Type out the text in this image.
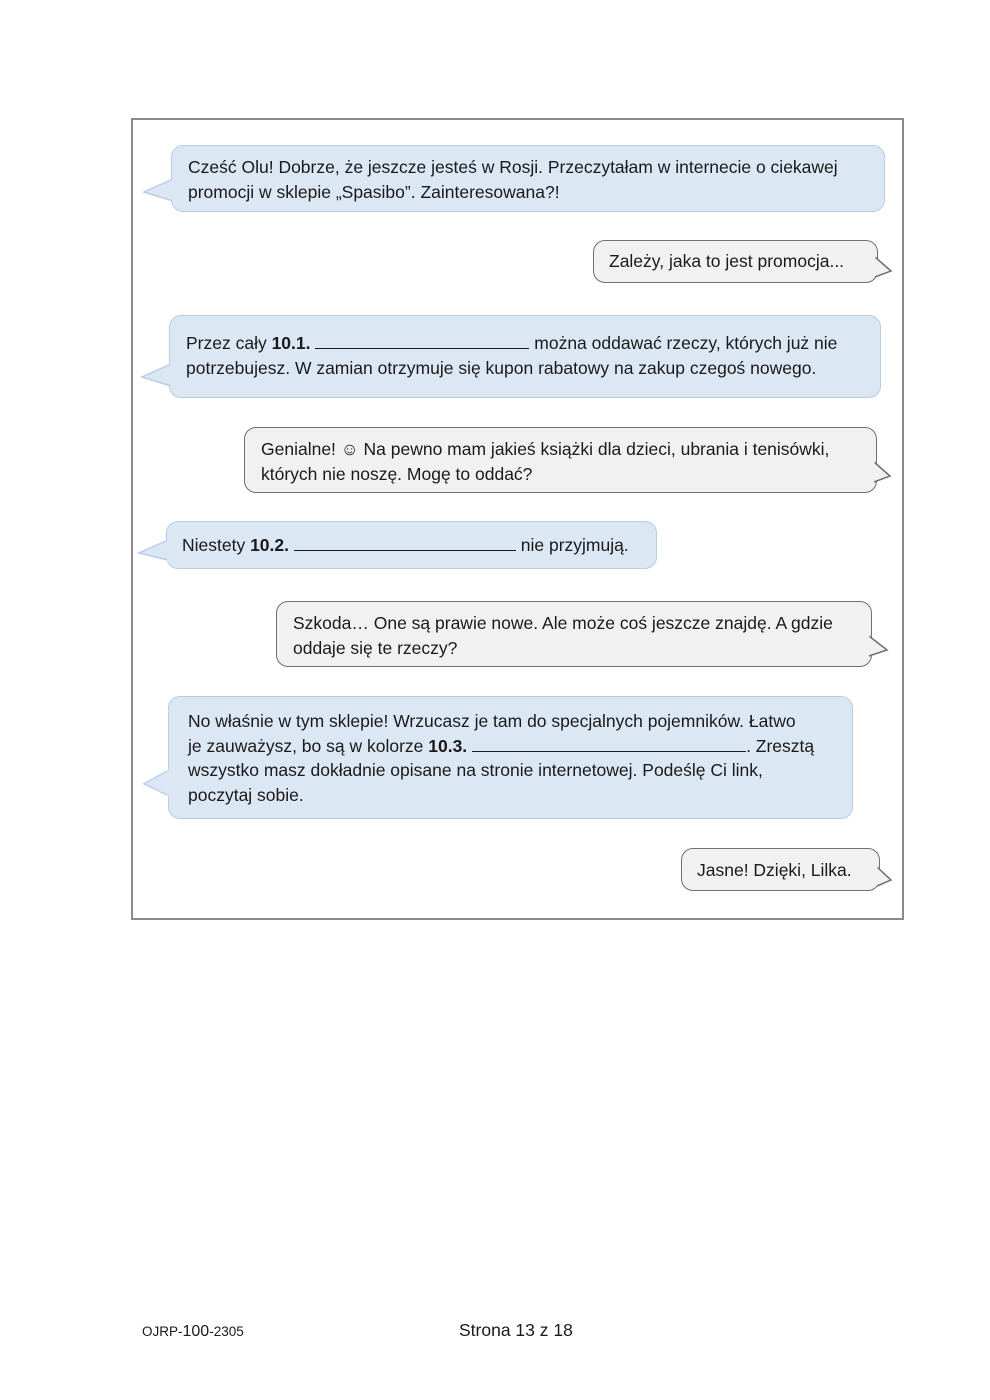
Cześć Olu! Dobrze, że jeszcze jesteś w Rosji. Przeczytałam w internecie o ciekawej
promocji w sklepie „Spasibo”. Zainteresowana?!
Zależy, jaka to jest promocja...
Przez cały 10.1.	można oddawać rzeczy, których już nie
potrzebujesz. W zamian otrzymuje się kupon rabatowy na zakup czegoś nowego.
Genialne! ☺ Na pewno mam jakieś książki dla dzieci, ubrania i tenisówki,
których nie noszę. Mogę to oddać?
Niestety 10.2.	nie przyjmują.
Szkoda… One są prawie nowe. Ale może coś jeszcze znajdę. A gdzie
oddaje się te rzeczy?
No właśnie w tym sklepie! Wrzucasz je tam do specjalnych pojemników. Łatwo
je zauważysz, bo są w kolorze 10.3.	. Zresztą
wszystko masz dokładnie opisane na stronie internetowej. Podeślę Ci link,
poczytaj sobie.
Jasne! Dzięki, Lilka.
OJRP-100-2305	Strona 13 z 18
